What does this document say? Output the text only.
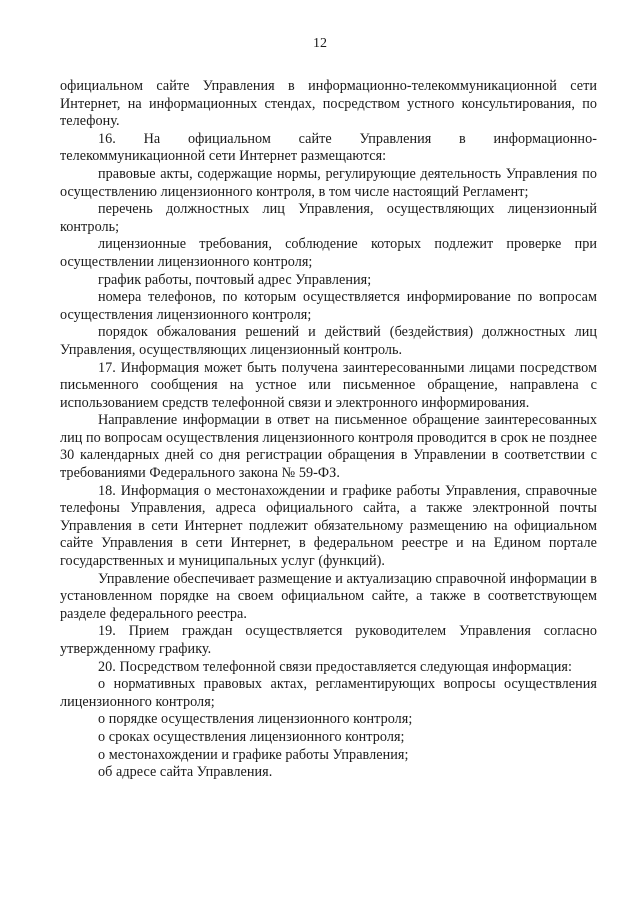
12

официальном сайте Управления в информационно-телекоммуникационной сети Интернет, на информационных стендах, посредством устного консультирования, по телефону.

16. На официальном сайте Управления в информационно-телекоммуникационной сети Интернет размещаются:

правовые акты, содержащие нормы, регулирующие деятельность Управления по осуществлению лицензионного контроля, в том числе настоящий Регламент;

перечень должностных лиц Управления, осуществляющих лицензионный контроль;

лицензионные требования, соблюдение которых подлежит проверке при осуществлении лицензионного контроля;

график работы, почтовый адрес Управления;

номера телефонов, по которым осуществляется информирование по вопросам осуществления лицензионного контроля;

порядок обжалования решений и действий (бездействия) должностных лиц Управления, осуществляющих лицензионный контроль.

17. Информация может быть получена заинтересованными лицами посредством письменного сообщения на устное или письменное обращение, направлена с использованием средств телефонной связи и электронного информирования.

Направление информации в ответ на письменное обращение заинтересованных лиц по вопросам осуществления лицензионного контроля проводится в срок не позднее 30 календарных дней со дня регистрации обращения в Управлении в соответствии с требованиями Федерального закона № 59-ФЗ.

18. Информация о местонахождении и графике работы Управления, справочные телефоны Управления, адреса официального сайта, а также электронной почты Управления в сети Интернет подлежит обязательному размещению на официальном сайте Управления в сети Интернет, в федеральном реестре и на Едином портале государственных и муниципальных услуг (функций).

Управление обеспечивает размещение и актуализацию справочной информации в установленном порядке на своем официальном сайте, а также в соответствующем разделе федерального реестра.

19. Прием граждан осуществляется руководителем Управления согласно утвержденному графику.

20. Посредством телефонной связи предоставляется следующая информация:

о нормативных правовых актах, регламентирующих вопросы осуществления лицензионного контроля;

о порядке осуществления лицензионного контроля;

о сроках осуществления лицензионного контроля;

о местонахождении и графике работы Управления;

об адресе сайта Управления.
